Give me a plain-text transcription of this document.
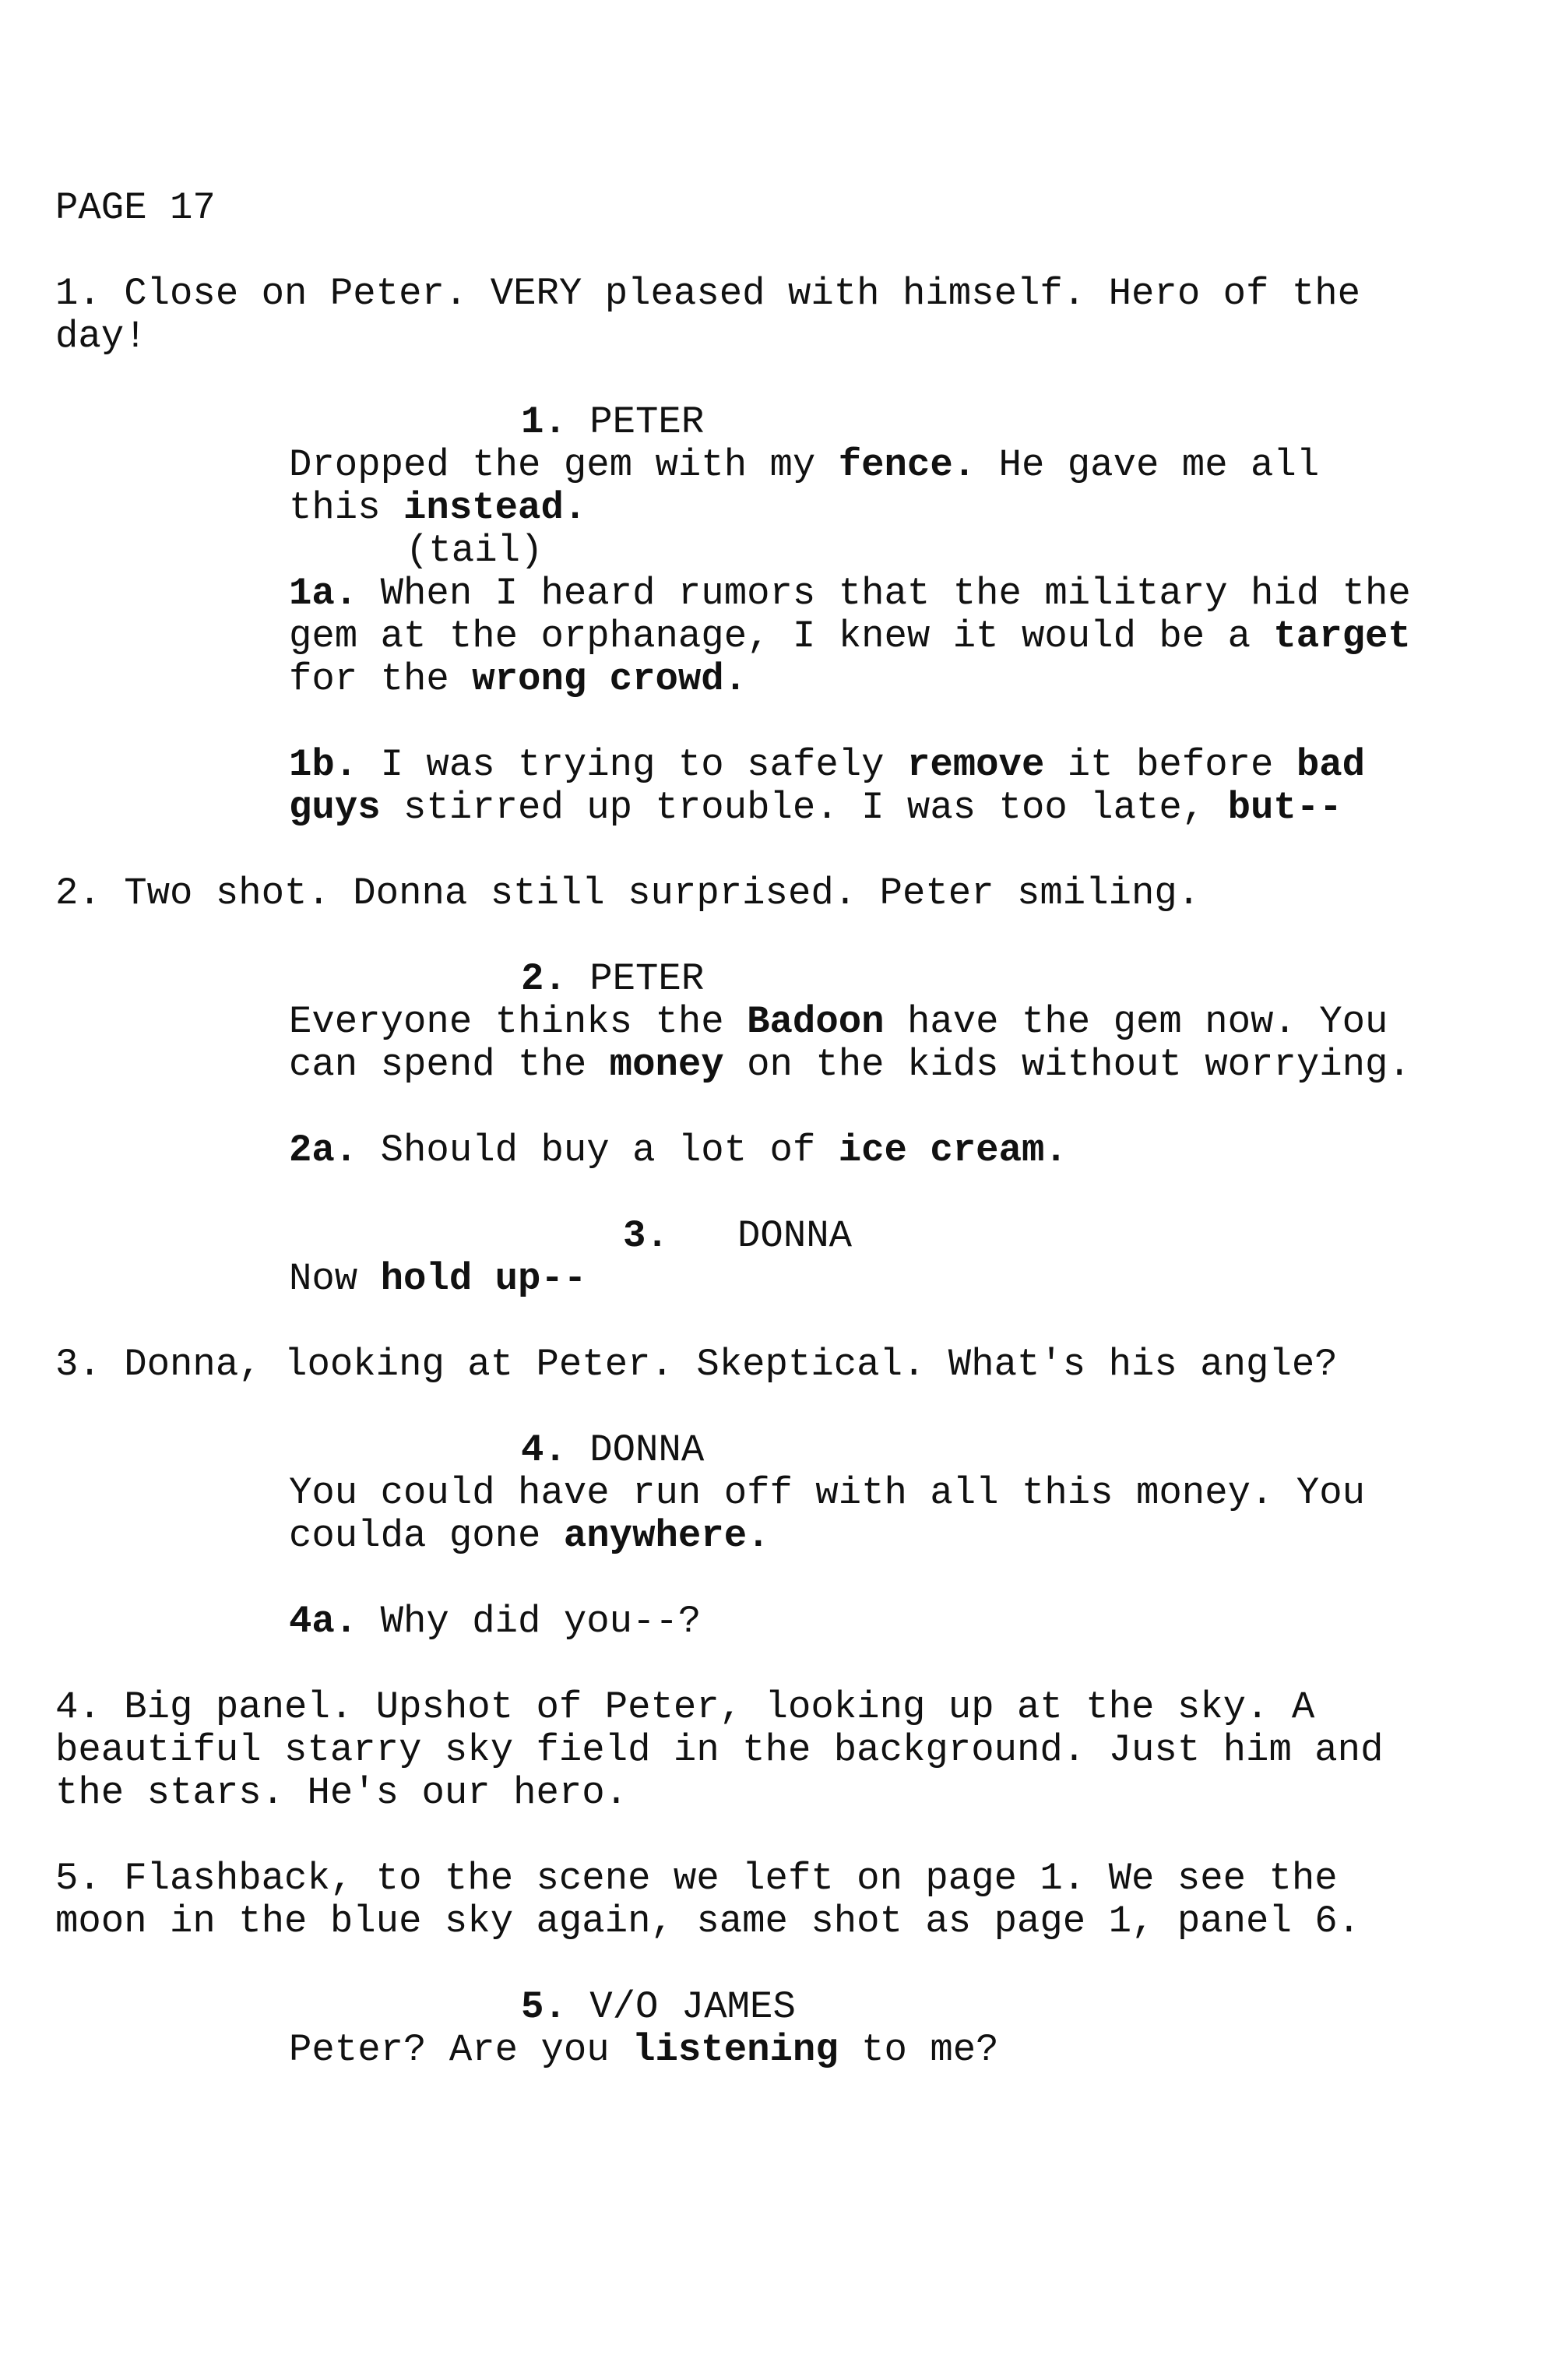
PAGE 17
1. Close on Peter. VERY pleased with himself. Hero of the
day!
1. PETER
Dropped the gem with my fence. He gave me all
this instead.
(tail)
1a. When I heard rumors that the military hid the
gem at the orphanage, I knew it would be a target
for the wrong crowd.
1b. I was trying to safely remove it before bad
guys stirred up trouble. I was too late, but--
2. Two shot. Donna still surprised. Peter smiling.
2. PETER
Everyone thinks the Badoon have the gem now. You
can spend the money on the kids without worrying.
2a. Should buy a lot of ice cream.
3. DONNA
Now hold up--
3. Donna, looking at Peter. Skeptical. What's his angle?
4. DONNA
You could have run off with all this money. You
coulda gone anywhere.
4a. Why did you--?
4. Big panel. Upshot of Peter, looking up at the sky. A
beautiful starry sky field in the background. Just him and
the stars. He's our hero.
5. Flashback, to the scene we left on page 1. We see the
moon in the blue sky again, same shot as page 1, panel 6.
5. V/O JAMES
Peter? Are you listening to me?
